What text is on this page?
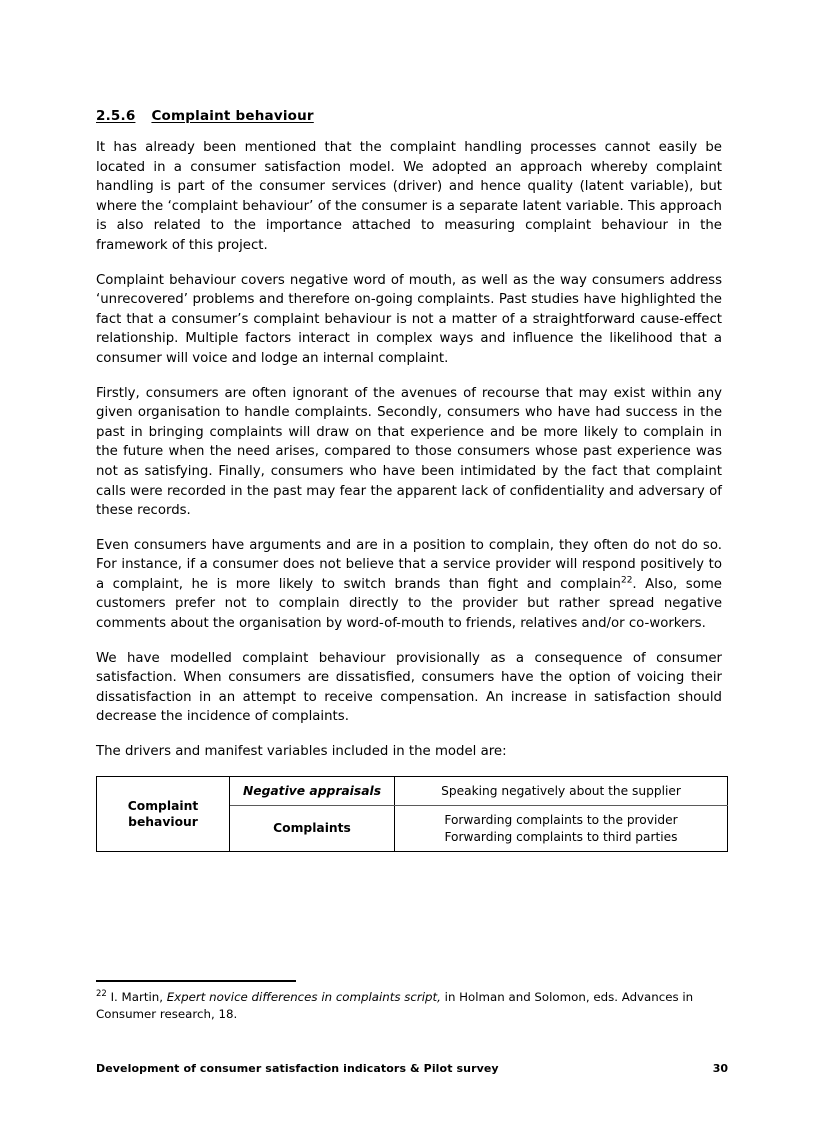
2.5.6 Complaint behaviour

It has already been mentioned that the complaint handling processes cannot easily be located in a consumer satisfaction model. We adopted an approach whereby complaint handling is part of the consumer services (driver) and hence quality (latent variable), but where the ‘complaint behaviour’ of the consumer is a separate latent variable. This approach is also related to the importance attached to measuring complaint behaviour in the framework of this project.

Complaint behaviour covers negative word of mouth, as well as the way consumers address ‘unrecovered’ problems and therefore on-going complaints. Past studies have highlighted the fact that a consumer’s complaint behaviour is not a matter of a straightforward cause-effect relationship. Multiple factors interact in complex ways and influence the likelihood that a consumer will voice and lodge an internal complaint.

Firstly, consumers are often ignorant of the avenues of recourse that may exist within any given organisation to handle complaints. Secondly, consumers who have had success in the past in bringing complaints will draw on that experience and be more likely to complain in the future when the need arises, compared to those consumers whose past experience was not as satisfying. Finally, consumers who have been intimidated by the fact that complaint calls were recorded in the past may fear the apparent lack of confidentiality and adversary of these records.

Even consumers have arguments and are in a position to complain, they often do not do so. For instance, if a consumer does not believe that a service provider will respond positively to a complaint, he is more likely to switch brands than fight and complain$^{22}$. Also, some customers prefer not to complain directly to the provider but rather spread negative comments about the organisation by word-of-mouth to friends, relatives and/or co-workers.

We have modelled complaint behaviour provisionally as a consequence of consumer satisfaction. When consumers are dissatisfied, consumers have the option of voicing their dissatisfaction in an attempt to receive compensation. An increase in satisfaction should decrease the incidence of complaints.

The drivers and manifest variables included in the model are:

Complaint behaviour	Negative appraisals	Speaking negatively about the supplier

	Complaints	Forwarding complaints to the provider
Forwarding complaints to third parties

$^{22}$ I. Martin, Expert novice differences in complaints script, in Holman and Solomon, eds. Advances in Consumer research, 18.

Development of consumer satisfaction indicators & Pilot survey	30
